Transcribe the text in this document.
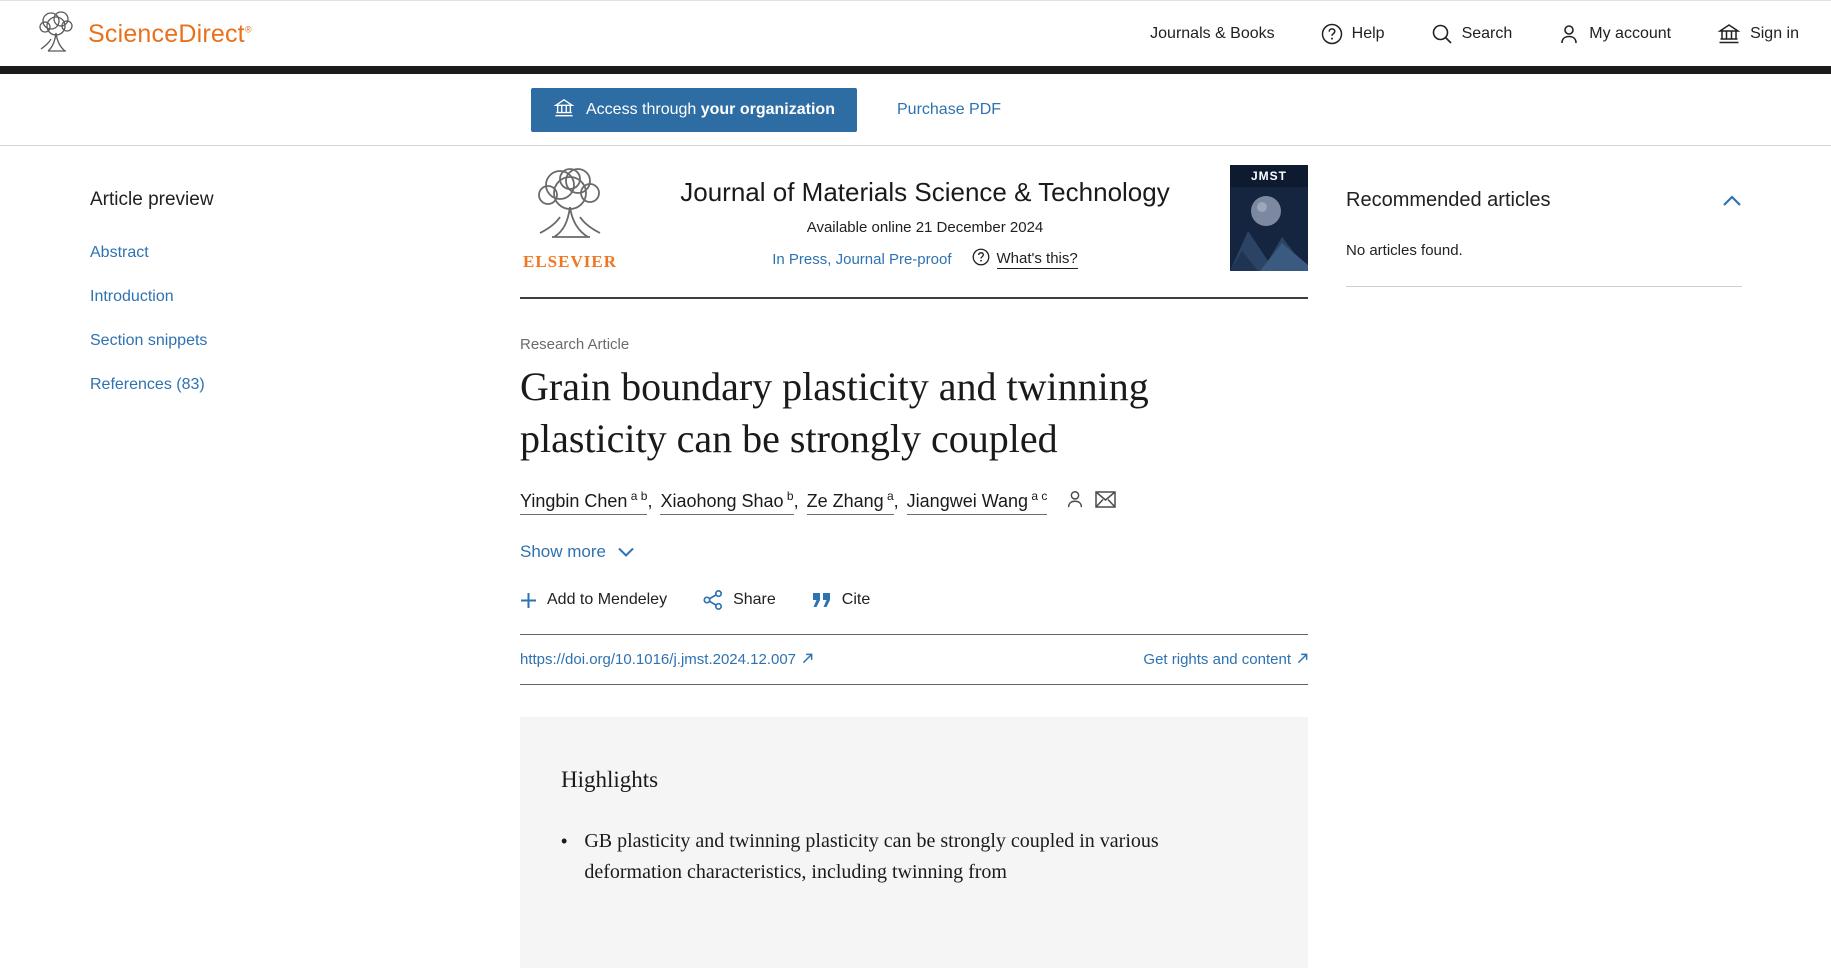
ScienceDirect®	Journals & Books	Help	Search	My account	Sign in
Access through your organization	Purchase PDF
Article preview
Abstract
Introduction
Section snippets
References (83)
ELSEVIER
Journal of Materials Science & Technology
Available online 21 December 2024
In Press, Journal Pre-proof	What's this?
JMST
Research Article
Grain boundary plasticity and twinning plasticity can be strongly coupled
Yingbin Chen $^{a b}$, Xiaohong Shao $^b$, Ze Zhang $^a$, Jiangwei Wang $^{a c}$
Show more
Add to Mendeley	Share	Cite
https://doi.org/10.1016/j.jmst.2024.12.007	Get rights and content
Highlights
• GB plasticity and twinning plasticity can be strongly coupled in various deformation characteristics, including twinning from
Recommended articles
No articles found.
